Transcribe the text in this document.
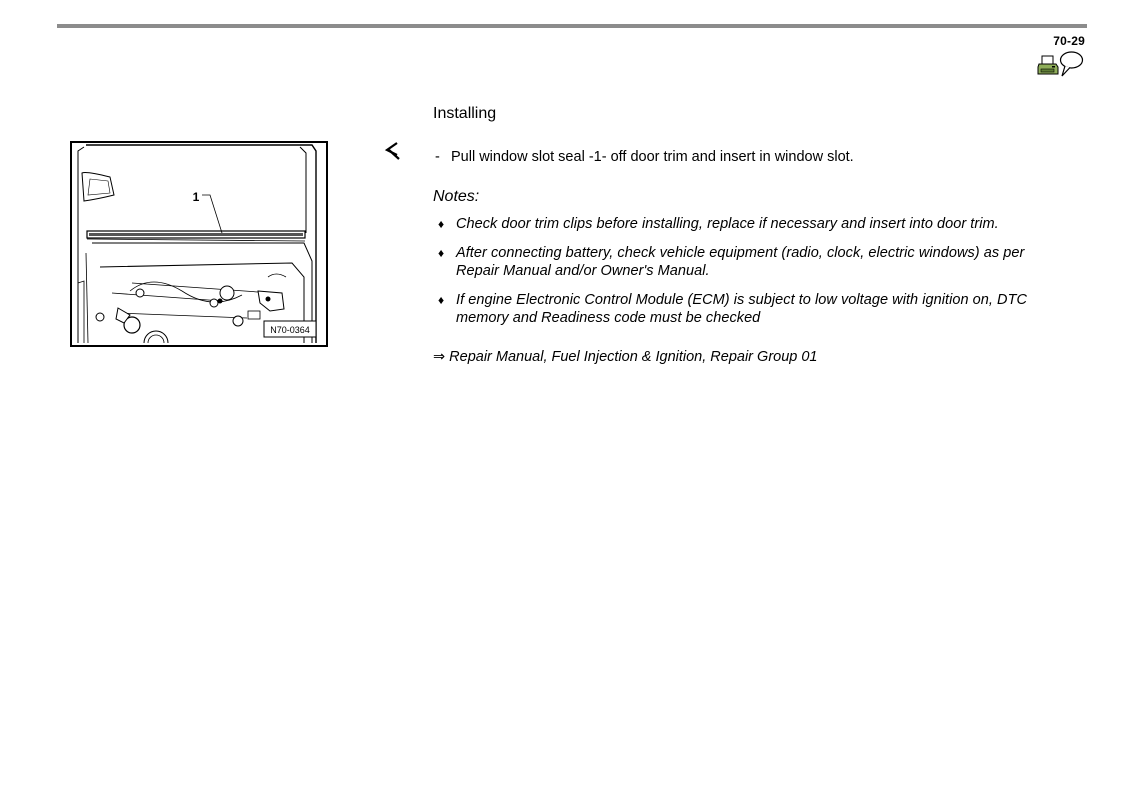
70-29
N70-0364
1
Installing
- Pull window slot seal -1- off door trim and insert in window slot.
Notes:
♦ Check door trim clips before installing, replace if necessary and insert into door trim.
♦ After connecting battery, check vehicle equipment (radio, clock, electric windows) as per Repair Manual and/or Owner's Manual.
♦ If engine Electronic Control Module (ECM) is subject to low voltage with ignition on, DTC memory and Readiness code must be checked
⇒ Repair Manual, Fuel Injection & Ignition, Repair Group 01
